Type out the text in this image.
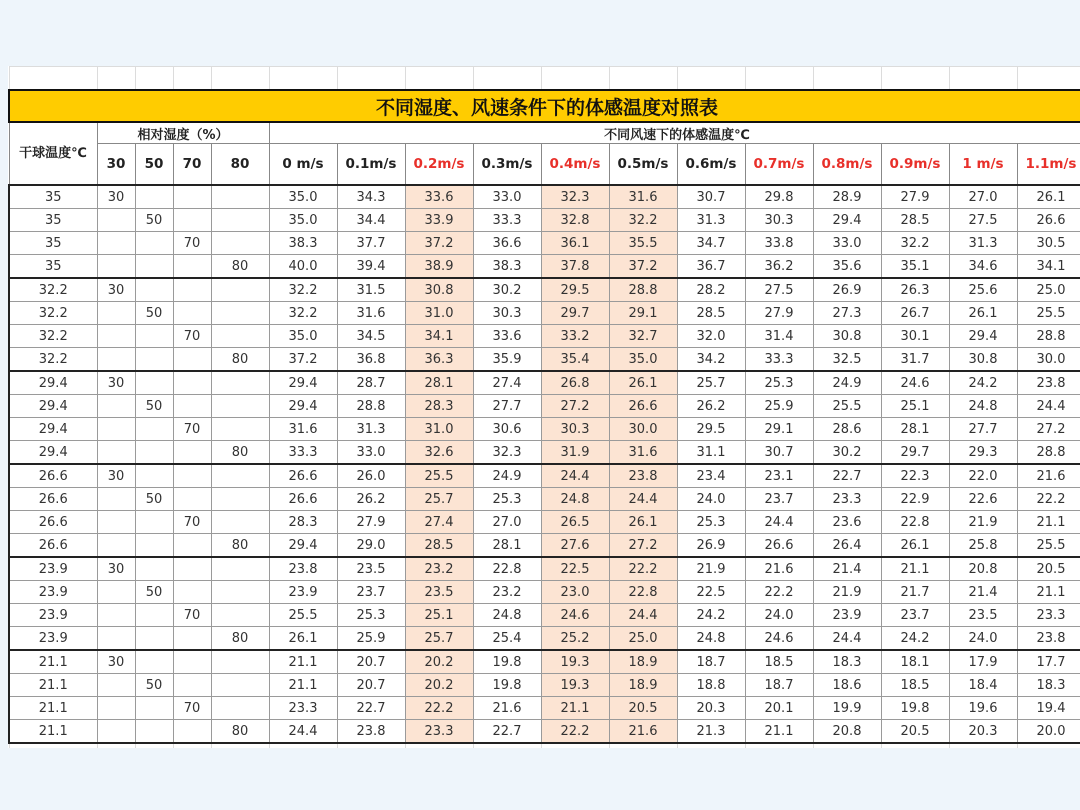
不同湿度、风速条件下的体感温度对照表																
干球温度℃	相对湿度（%）				不同风速下的体感温度℃											
	30	50	70	80	0 m/s	0.1m/s	0.2m/s	0.3m/s	0.4m/s	0.5m/s	0.6m/s	0.7m/s	0.8m/s	0.9m/s	1 m/s	1.1m/s
35	30				35.0	34.3	33.6	33.0	32.3	31.6	30.7	29.8	28.9	27.9	27.0	26.1
35		50			35.0	34.4	33.9	33.3	32.8	32.2	31.3	30.3	29.4	28.5	27.5	26.6
35			70		38.3	37.7	37.2	36.6	36.1	35.5	34.7	33.8	33.0	32.2	31.3	30.5
35				80	40.0	39.4	38.9	38.3	37.8	37.2	36.7	36.2	35.6	35.1	34.6	34.1
32.2	30				32.2	31.5	30.8	30.2	29.5	28.8	28.2	27.5	26.9	26.3	25.6	25.0
32.2		50			32.2	31.6	31.0	30.3	29.7	29.1	28.5	27.9	27.3	26.7	26.1	25.5
32.2			70		35.0	34.5	34.1	33.6	33.2	32.7	32.0	31.4	30.8	30.1	29.4	28.8
32.2				80	37.2	36.8	36.3	35.9	35.4	35.0	34.2	33.3	32.5	31.7	30.8	30.0
29.4	30				29.4	28.7	28.1	27.4	26.8	26.1	25.7	25.3	24.9	24.6	24.2	23.8
29.4		50			29.4	28.8	28.3	27.7	27.2	26.6	26.2	25.9	25.5	25.1	24.8	24.4
29.4			70		31.6	31.3	31.0	30.6	30.3	30.0	29.5	29.1	28.6	28.1	27.7	27.2
29.4				80	33.3	33.0	32.6	32.3	31.9	31.6	31.1	30.7	30.2	29.7	29.3	28.8
26.6	30				26.6	26.0	25.5	24.9	24.4	23.8	23.4	23.1	22.7	22.3	22.0	21.6
26.6		50			26.6	26.2	25.7	25.3	24.8	24.4	24.0	23.7	23.3	22.9	22.6	22.2
26.6			70		28.3	27.9	27.4	27.0	26.5	26.1	25.3	24.4	23.6	22.8	21.9	21.1
26.6				80	29.4	29.0	28.5	28.1	27.6	27.2	26.9	26.6	26.4	26.1	25.8	25.5
23.9	30				23.8	23.5	23.2	22.8	22.5	22.2	21.9	21.6	21.4	21.1	20.8	20.5
23.9		50			23.9	23.7	23.5	23.2	23.0	22.8	22.5	22.2	21.9	21.7	21.4	21.1
23.9			70		25.5	25.3	25.1	24.8	24.6	24.4	24.2	24.0	23.9	23.7	23.5	23.3
23.9				80	26.1	25.9	25.7	25.4	25.2	25.0	24.8	24.6	24.4	24.2	24.0	23.8
21.1	30				21.1	20.7	20.2	19.8	19.3	18.9	18.7	18.5	18.3	18.1	17.9	17.7
21.1		50			21.1	20.7	20.2	19.8	19.3	18.9	18.8	18.7	18.6	18.5	18.4	18.3
21.1			70		23.3	22.7	22.2	21.6	21.1	20.5	20.3	20.1	19.9	19.8	19.6	19.4
21.1				80	24.4	23.8	23.3	22.7	22.2	21.6	21.3	21.1	20.8	20.5	20.3	20.0
